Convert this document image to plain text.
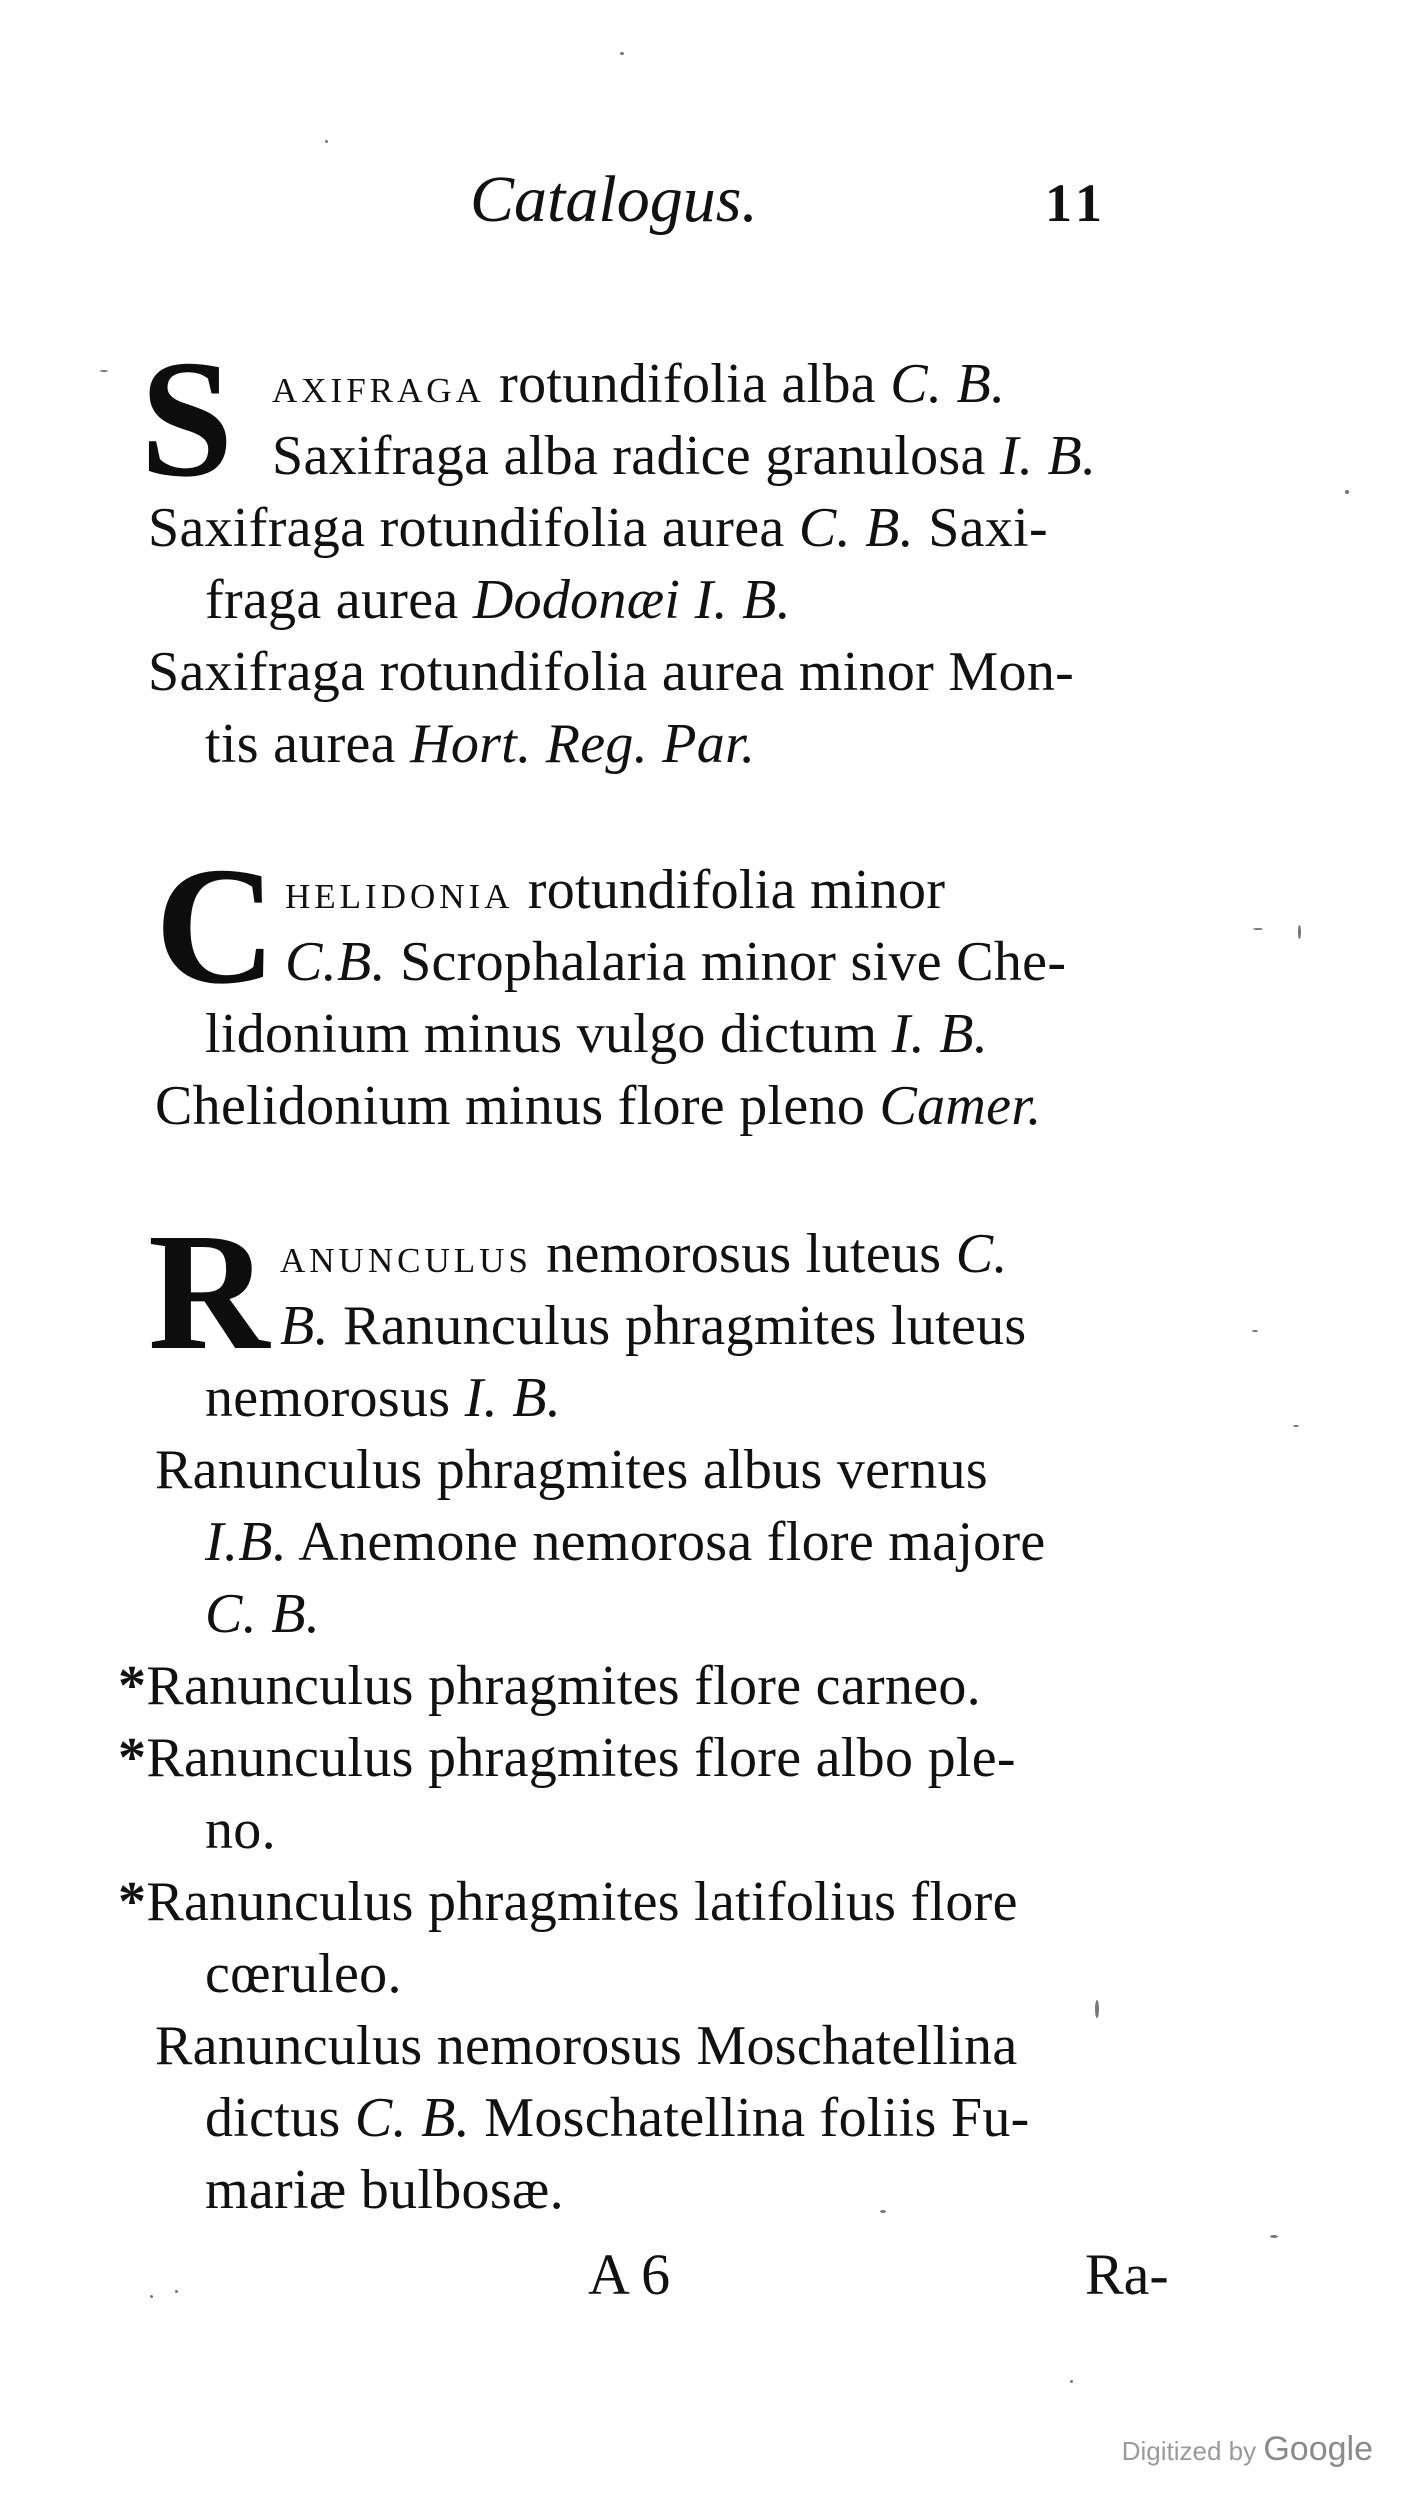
Catalogus.	11
S axifraga rotundifolia alba C. B.
Saxifraga alba radice granulosa I. B.
Saxifraga rotundifolia aurea C. B. Saxi-
fraga aurea Dodonæi I. B.
Saxifraga rotundifolia aurea minor Mon-
tis aurea Hort. Reg. Par.
C helidonia rotundifolia minor
C.B. Scrophalaria minor sive Che-
lidonium minus vulgo dictum I. B.
Chelidonium minus flore pleno Camer.
R anunculus nemorosus luteus C.
B. Ranunculus phragmites luteus
nemorosus I. B.
Ranunculus phragmites albus vernus
I.B. Anemone nemorosa flore majore
C. B.
*Ranunculus phragmites flore carneo.
*Ranunculus phragmites flore albo ple-
no.
*Ranunculus phragmites latifolius flore
cœruleo.
Ranunculus nemorosus Moschatellina
dictus C. B. Moschatellina foliis Fu-
mariæ bulbosæ.
A 6	Ra-
Digitized by Google
